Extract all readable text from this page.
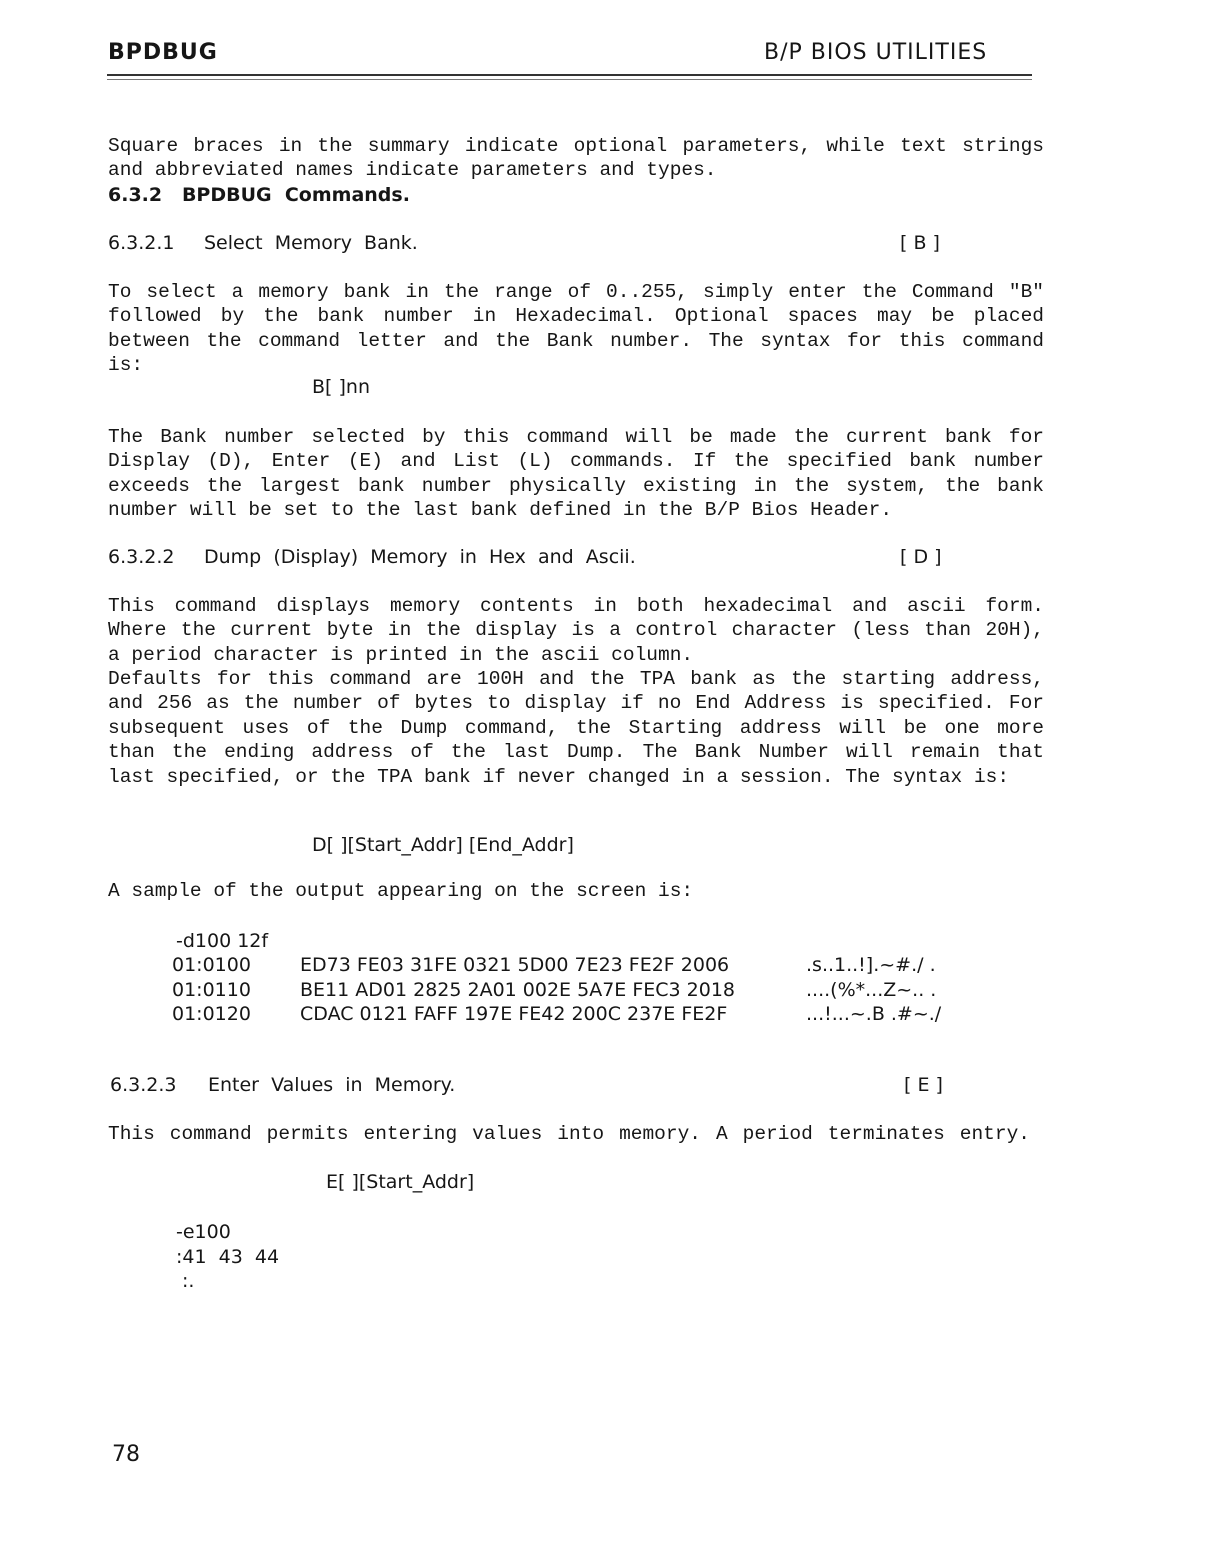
BPDBUG	B/P BIOS UTILITIES
Square braces in the summary indicate optional parameters, while text strings
and abbreviated names indicate parameters and types.
6.3.2   BPDBUG  Commands.
6.3.2.1 Select  Memory  Bank.	[ B ]
To select a memory bank in the range of 0..255, simply enter the Command "B"
followed by the bank number in Hexadecimal. Optional spaces may be placed
between the command letter and the Bank number. The syntax for this command
is:
B[ ]nn
The Bank number selected by this command will be made the current bank for
Display (D), Enter (E) and List (L) commands. If the specified bank number
exceeds the largest bank number physically existing in the system, the bank
number will be set to the last bank defined in the B/P Bios Header.
6.3.2.2 Dump  (Display)  Memory  in  Hex  and  Ascii.	[ D ]
This command displays memory contents in both hexadecimal and ascii form.
Where the current byte in the display is a control character (less than 20H),
a period character is printed in the ascii column.
Defaults for this command are 100H and the TPA bank as the starting address,
and 256 as the number of bytes to display if no End Address is specified. For
subsequent uses of the Dump command, the Starting address will be one more
than the ending address of the last Dump. The Bank Number will remain that
last specified, or the TPA bank if never changed in a session. The syntax is:
D[ ][Start_Addr] [End_Addr]
A sample of the output appearing on the screen is:
-d100 12f
01:0100	ED73 FE03 31FE 0321 5D00 7E23 FE2F 2006	.s..1..!].~#./ .
01:0110	BE11 AD01 2825 2A01 002E 5A7E FEC3 2018	....(%*...Z~.. .
01:0120	CDAC 0121 FAFF 197E FE42 200C 237E FE2F	...!...~.B .#~./
6.3.2.3 Enter  Values  in  Memory.	[ E ]
This command permits entering values into memory. A period terminates entry.
E[ ][Start_Addr]
-e100
:41  43  44
:.
78
